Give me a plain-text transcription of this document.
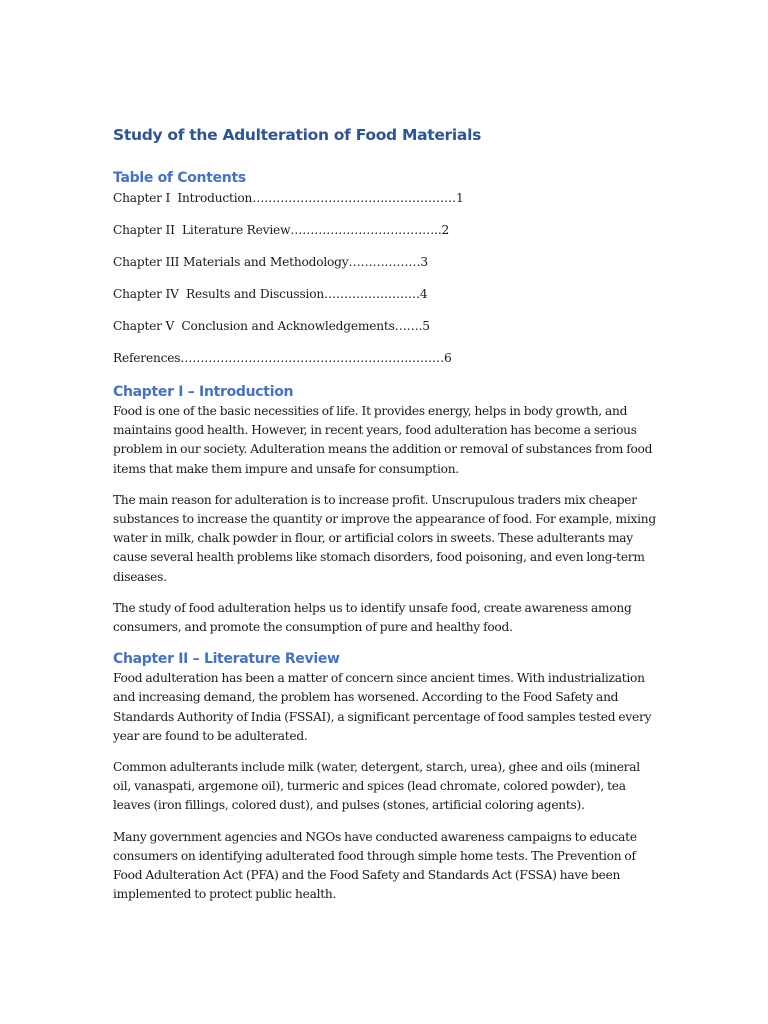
Study of the Adulteration of Food Materials
Table of Contents
Chapter I  Introduction……………………………………………1
Chapter II  Literature Review………………………………..2
Chapter III Materials and Methodology………………3
Chapter IV  Results and Discussion……………………4
Chapter V  Conclusion and Acknowledgements…….5
References…………………………………………………………6
Chapter I – Introduction

Food is one of the basic necessities of life. It provides energy, helps in body growth, and maintains good health. However, in recent years, food adulteration has become a serious problem in our society. Adulteration means the addition or removal of substances from food items that make them impure and unsafe for consumption.

The main reason for adulteration is to increase profit. Unscrupulous traders mix cheaper substances to increase the quantity or improve the appearance of food. For example, mixing water in milk, chalk powder in flour, or artificial colors in sweets. These adulterants may cause several health problems like stomach disorders, food poisoning, and even long-term diseases.

The study of food adulteration helps us to identify unsafe food, create awareness among consumers, and promote the consumption of pure and healthy food.

Chapter II – Literature Review

Food adulteration has been a matter of concern since ancient times. With industrialization and increasing demand, the problem has worsened. According to the Food Safety and Standards Authority of India (FSSAI), a significant percentage of food samples tested every year are found to be adulterated.

Common adulterants include milk (water, detergent, starch, urea), ghee and oils (mineral oil, vanaspati, argemone oil), turmeric and spices (lead chromate, colored powder), tea leaves (iron fillings, colored dust), and pulses (stones, artificial coloring agents).

Many government agencies and NGOs have conducted awareness campaigns to educate consumers on identifying adulterated food through simple home tests. The Prevention of Food Adulteration Act (PFA) and the Food Safety and Standards Act (FSSA) have been implemented to protect public health.
